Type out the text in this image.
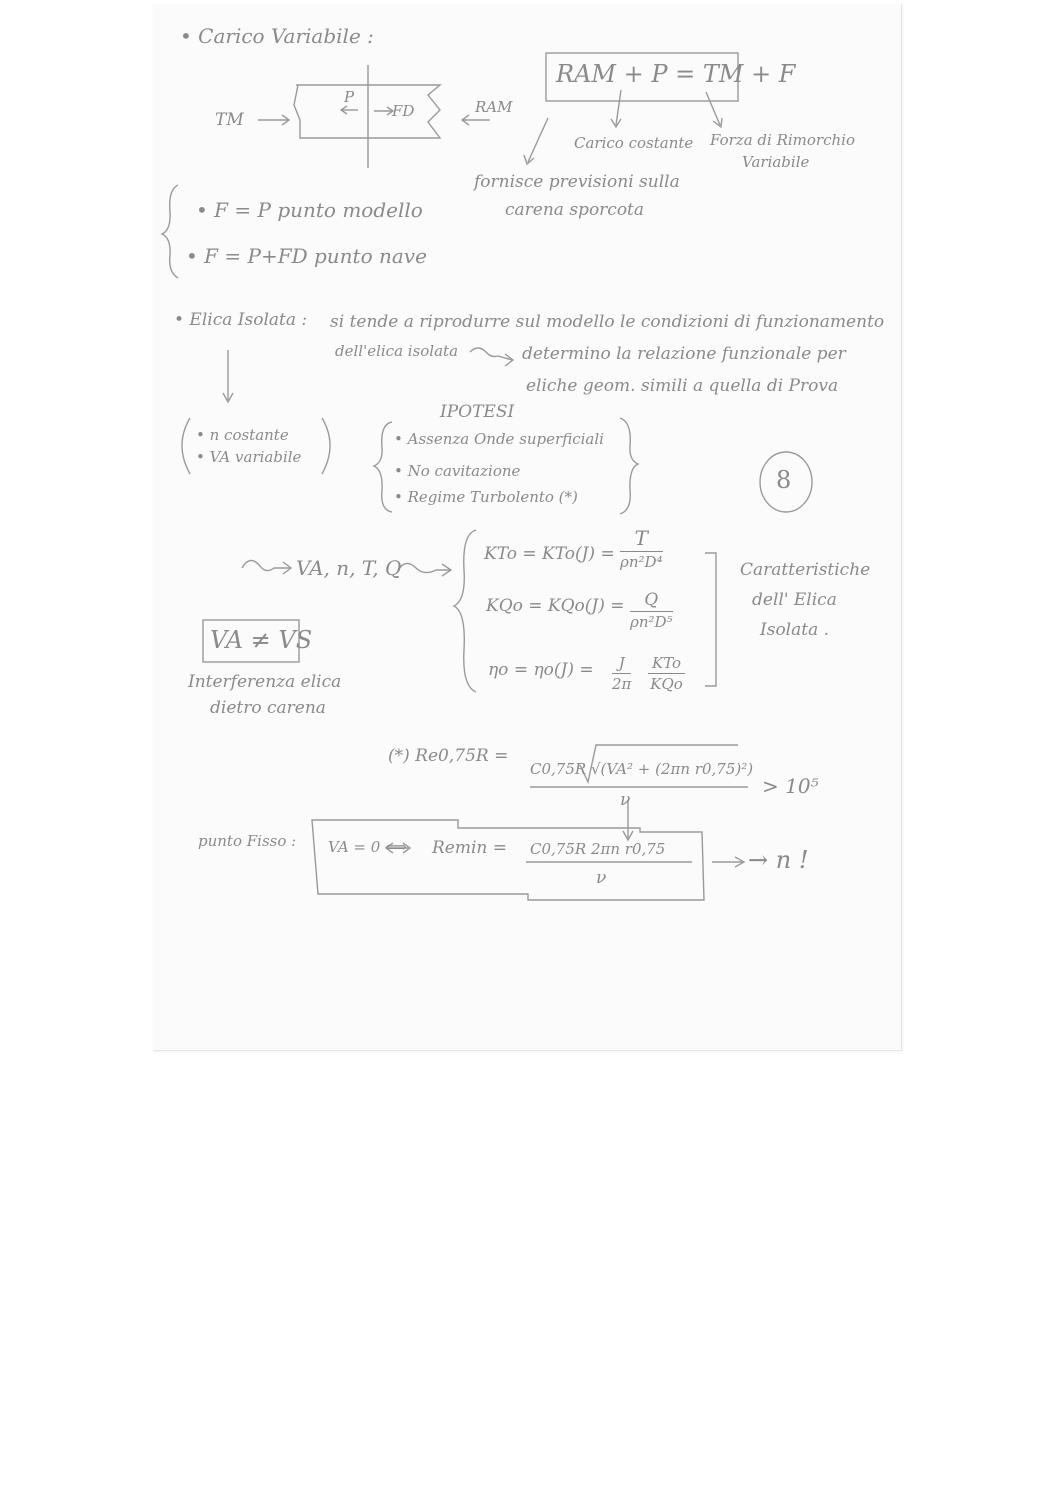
• Carico Variabile :
TM
P
FD	RAM
RAM + P = TM + F
fornisce previsioni sulla
carena sporcota
Carico costante Forza di Rimorchio
Variabile
• F = P punto modello
• F = P+FD punto nave
• Elica Isolata : si tende a riprodurre sul modello le condizioni di funzionamento
dell'elica isolata	determino la relazione funzionale per
eliche geom. simili a quella di Prova
• n costante
• VA variabile
IPOTESI
• Assenza Onde superficiali
• No cavitazione
• Regime Turbolento (*)
8
VA, n, T, Q
KTo = KTo(J) =
T
ρn²D⁴
KQo = $KQo(J) = \frac{Q}{\text{ρn²D⁵}}$
$\eta o = \eta o(J) = \frac{J}{2\pi}$ KTo
KQo
Caratteristiche
dell' Elica
Isolata .
VA ≠ VS
Interferenza elica
dietro carena
(*) Re0,75R =
C0,75R √(VA² + (2πn r0,75)²)
ν
> 10⁵
punto Fisso : VA = 0 ⟺ Remin = C0,75R 2πn r0,75
ν
→ n !
